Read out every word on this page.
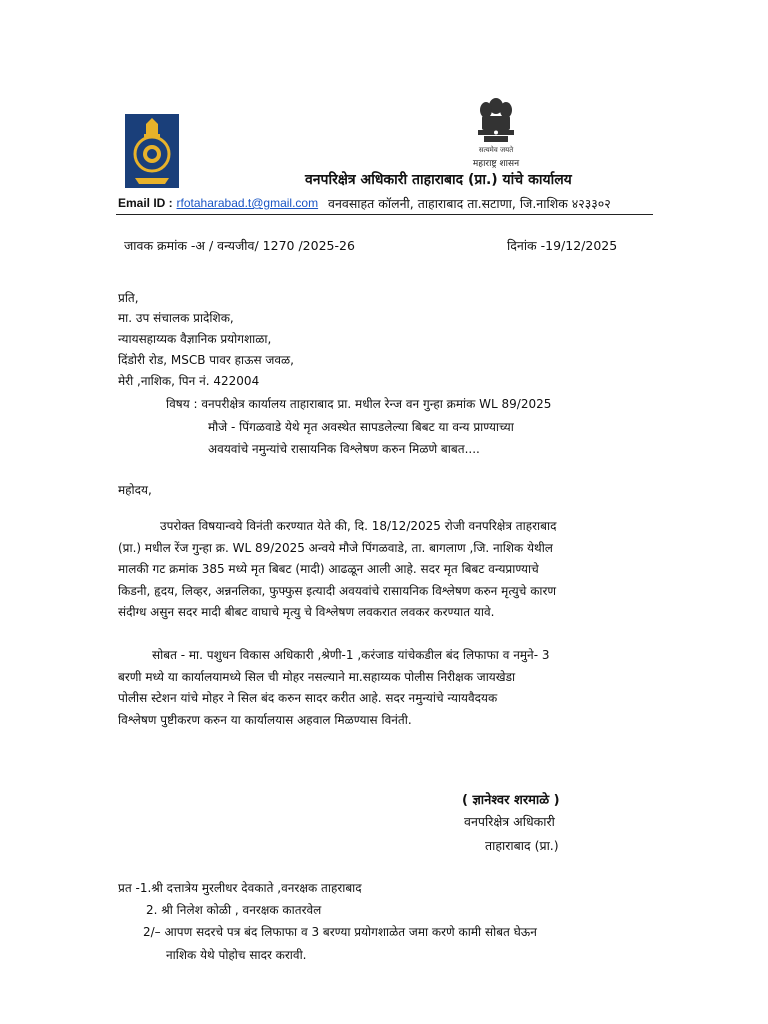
सत्यमेव जयते
महाराष्ट्र शासन
वनपरिक्षेत्र अधिकारी ताहाराबाद (प्रा.) यांचे कार्यालय
Email ID : rfotaharabad.t@gmail.com वनवसाहत कॉलनी, ताहाराबाद ता.सटाणा, जि.नाशिक ४२३३०२
जावक क्रमांक -अ / वन्यजीव/ 1270 /2025-26	दिनांक -19/12/2025
प्रति,
मा. उप संचालक प्रादेशिक,
न्यायसहाय्यक वैज्ञानिक प्रयोगशाळा,
दिंडोरी रोड, MSCB पावर हाऊस जवळ,
मेरी ,नाशिक, पिन नं. 422004
विषय : वनपरीक्षेत्र कार्यालय ताहाराबाद प्रा. मधील रेन्ज वन गुन्हा क्रमांक WL 89/2025
मौजे - पिंगळवाडे येथे मृत अवस्थेत सापडलेल्या बिबट या वन्य प्राण्याच्या
अवयवांचे नमुन्यांचे रासायनिक विश्लेषण करुन मिळणे बाबत....
महोदय,
उपरोक्त विषयान्वये विनंती करण्यात येते की, दि. 18/12/2025 रोजी वनपरिक्षेत्र ताहराबाद
(प्रा.) मधील रेंज गुन्हा क्र. WL 89/2025 अन्वये मौजे पिंगळवाडे, ता. बागलाण ,जि. नाशिक येथील
मालकी गट क्रमांक 385 मध्ये मृत बिबट (मादी) आढळून आली आहे. सदर मृत बिबट वन्यप्राण्याचे
किडनी, हृदय, लिव्हर, अन्ननलिका, फुफ्फुस इत्यादी अवयवांचे रासायनिक विश्लेषण करुन मृत्युचे कारण
संदीग्ध असुन सदर मादी बीबट वाघाचे मृत्यु चे विश्लेषण लवकरात लवकर करण्यात यावे.
सोबत - मा. पशुधन विकास अधिकारी ,श्रेणी-1 ,करंजाड यांचेकडील बंद लिफाफा व नमुने- 3
बरणी मध्ये या कार्यालयामध्ये सिल ची मोहर नसल्याने मा.सहाय्यक पोलीस निरीक्षक जायखेडा
पोलीस स्टेशन यांचे मोहर ने सिल बंद करुन सादर करीत आहे. सदर नमुन्यांचे न्यायवैदयक
विश्लेषण पुष्टीकरण करुन या कार्यालयास अहवाल मिळण्यास विनंती.
( ज्ञानेश्वर शरमाळे )
वनपरिक्षेत्र अधिकारी
ताहाराबाद (प्रा.)
प्रत -1.श्री दत्तात्रेय मुरलीधर देवकाते ,वनरक्षक ताहराबाद
2. श्री निलेश कोळी , वनरक्षक कातरवेल
2/– आपण सदरचे पत्र बंद लिफाफा व 3 बरण्या प्रयोगशाळेत जमा करणे कामी सोबत घेऊन
नाशिक येथे पोहोच सादर करावी.
